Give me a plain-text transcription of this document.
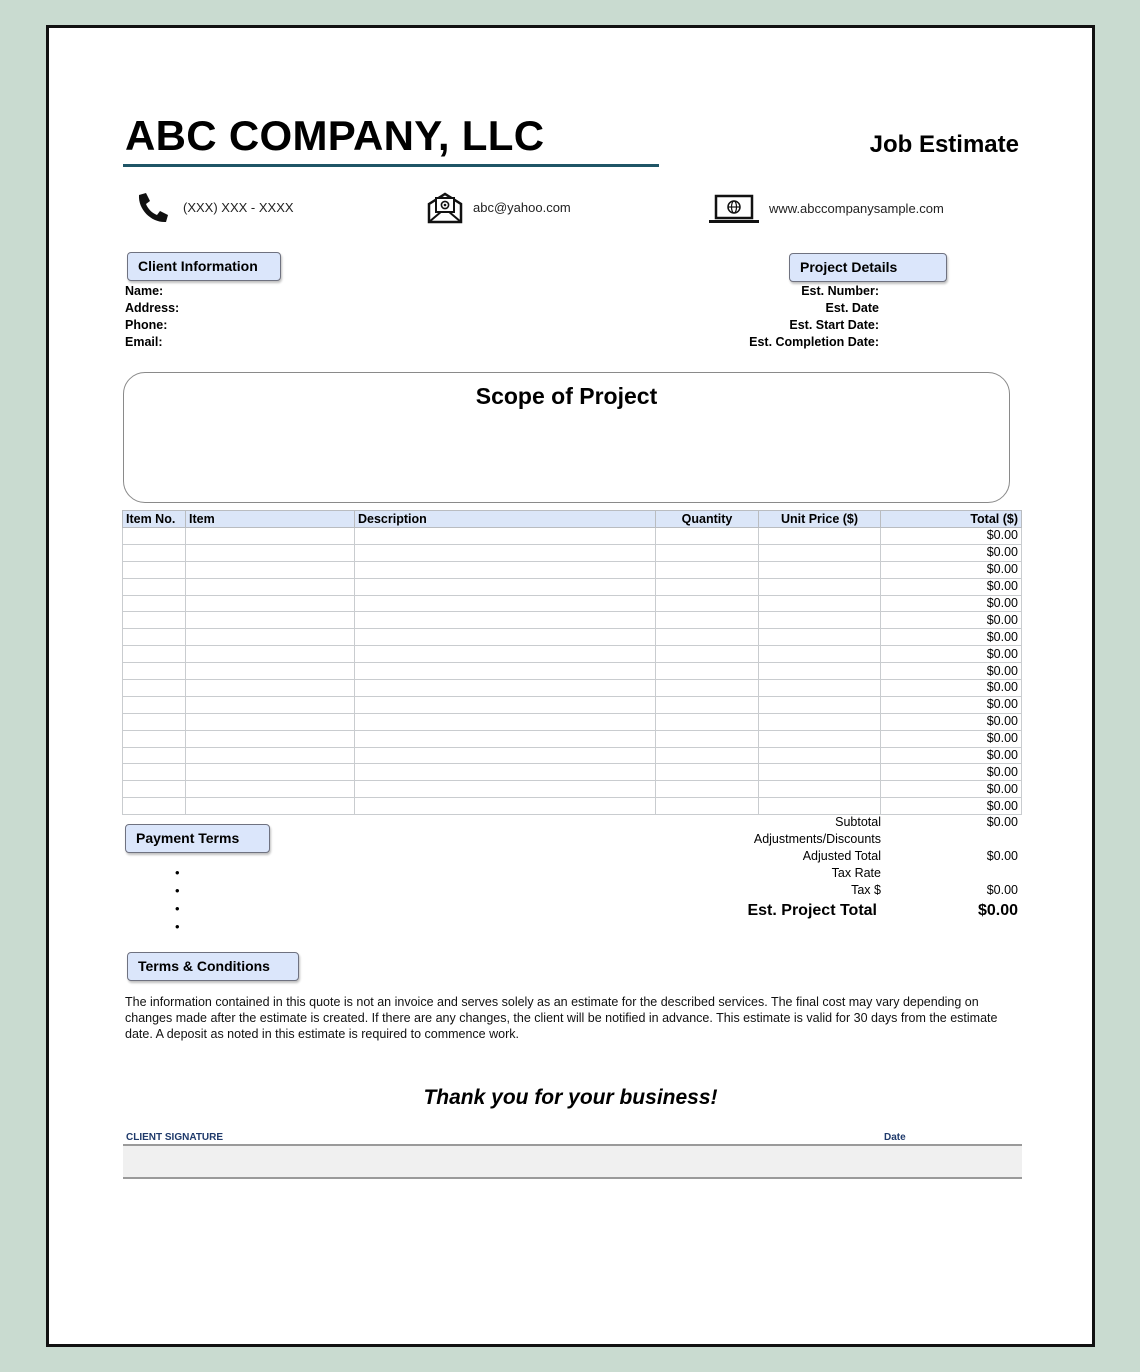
ABC COMPANY, LLC	Job Estimate
(XXX) XXX - XXXX	abc@yahoo.com	www.abccompanysample.com
Client Information
Name:
Address:
Phone:
Email:
Project Details
Est. Number:
Est. Date
Est. Start Date:
Est. Completion Date:
Scope of Project
Item No.	Item	Description	Quantity	Unit Price ($)	Total ($)
					$0.00
					$0.00
					$0.00
					$0.00
					$0.00
					$0.00
					$0.00
					$0.00
					$0.00
					$0.00
					$0.00
					$0.00
					$0.00
					$0.00
					$0.00
					$0.00
					$0.00
Subtotal	$0.00
Adjustments/Discounts
Adjusted Total	$0.00
Tax Rate
Tax $	$0.00
Est. Project Total	$0.00
Payment Terms
•
•
•
•
Terms & Conditions
The information contained in this quote is not an invoice and serves solely as an estimate for the described services. The final cost may vary depending on changes made after the estimate is created. If there are any changes, the client will be notified in advance. This estimate is valid for 30 days from the estimate date. A deposit as noted in this estimate is required to commence work.
Thank you for your business!
CLIENT SIGNATURE	Date
